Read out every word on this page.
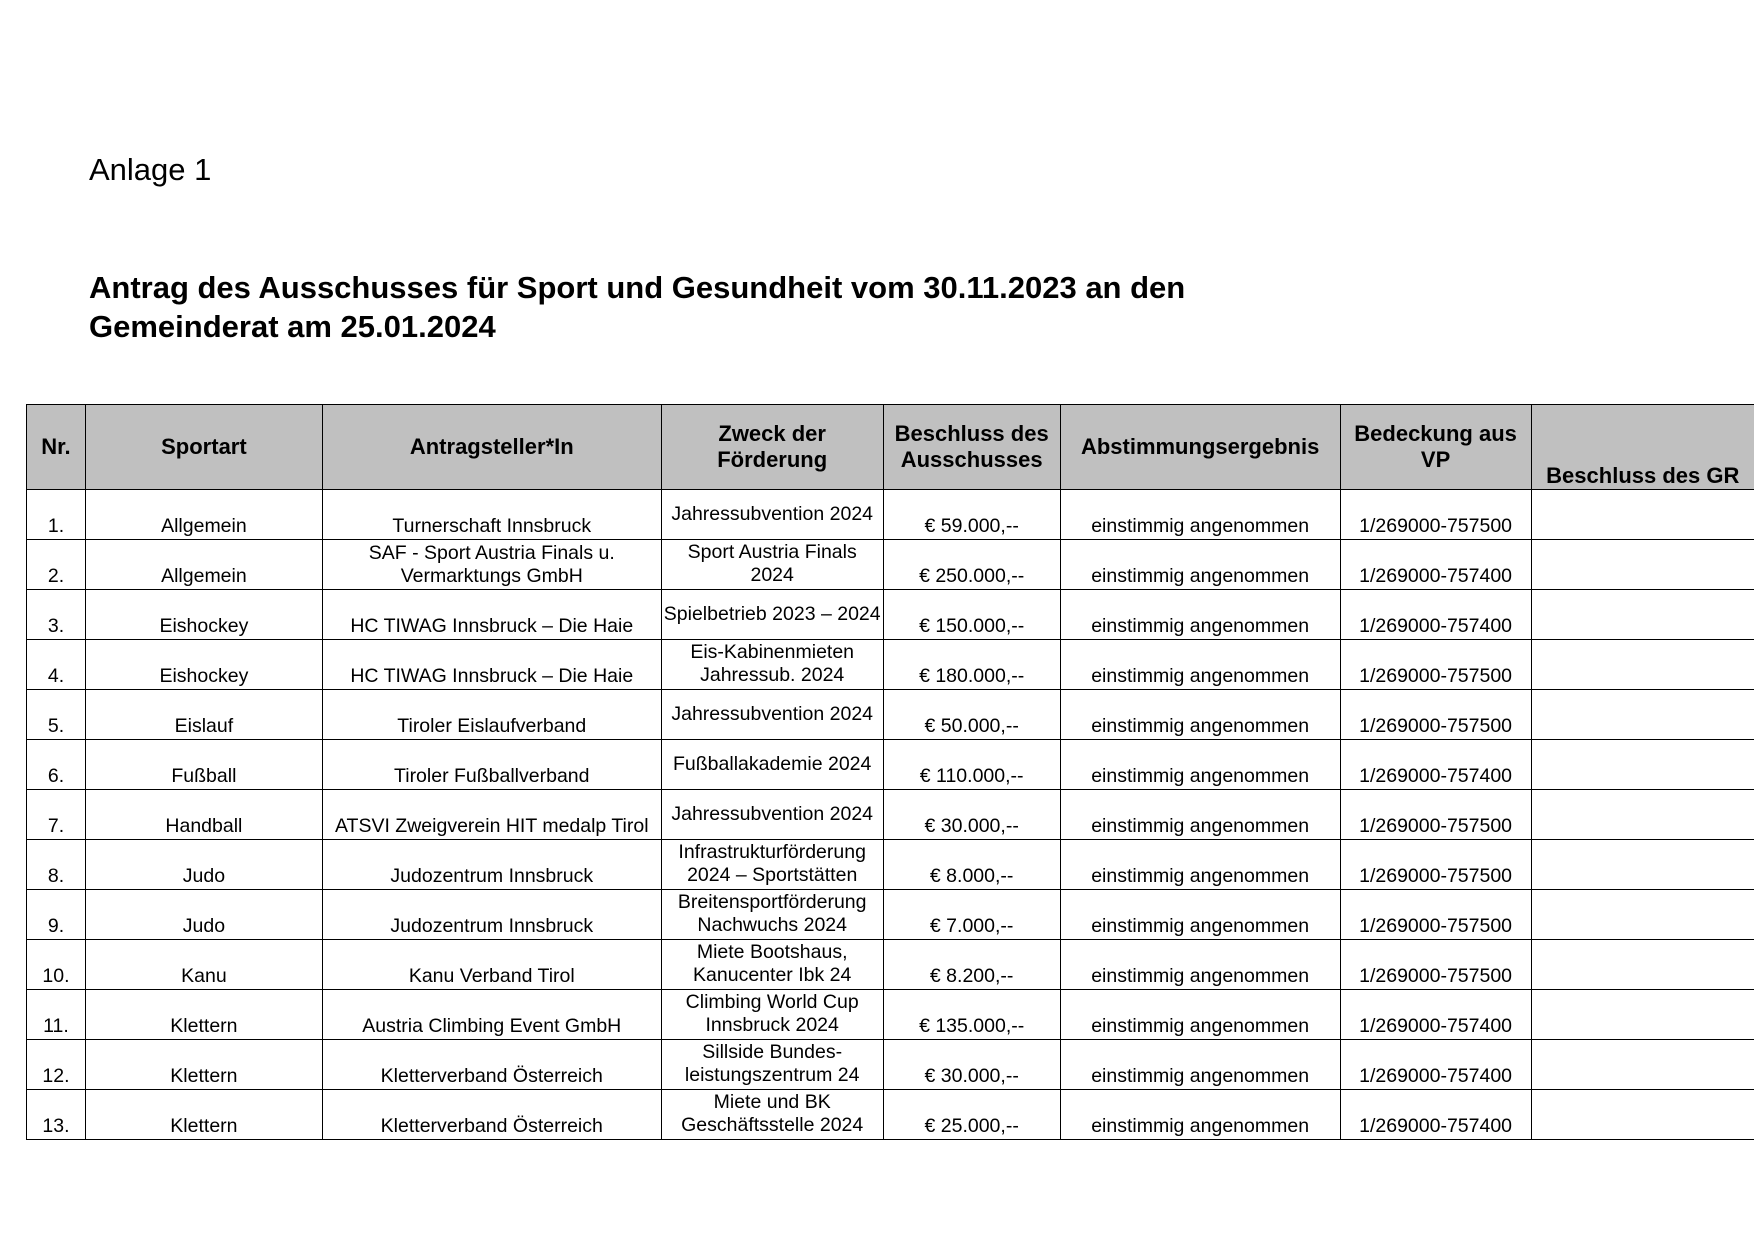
Anlage 1
Antrag des Ausschusses für Sport und Gesundheit vom 30.11.2023 an den
Gemeinderat am 25.01.2024
Nr.	Sportart	Antragsteller*In	Zweck der Förderung	Beschluss des Ausschusses	Abstimmungsergebnis	Bedeckung aus VP	Beschluss des GR
1.	Allgemein	Turnerschaft Innsbruck	Jahressubvention 2024	€ 59.000,--	einstimmig angenommen	1/269000-757500	
2.	Allgemein	SAF - Sport Austria Finals u. Vermarktungs GmbH	Sport Austria Finals 2024	€ 250.000,--	einstimmig angenommen	1/269000-757400	
3.	Eishockey	HC TIWAG Innsbruck – Die Haie	Spielbetrieb 2023 – 2024	€ 150.000,--	einstimmig angenommen	1/269000-757400	
4.	Eishockey	HC TIWAG Innsbruck – Die Haie	Eis-Kabinenmieten Jahressub. 2024	€ 180.000,--	einstimmig angenommen	1/269000-757500	
5.	Eislauf	Tiroler Eislaufverband	Jahressubvention 2024	€ 50.000,--	einstimmig angenommen	1/269000-757500	
6.	Fußball	Tiroler Fußballverband	Fußballakademie 2024	€ 110.000,--	einstimmig angenommen	1/269000-757400	
7.	Handball	ATSVI Zweigverein HIT medalp Tirol	Jahressubvention 2024	€ 30.000,--	einstimmig angenommen	1/269000-757500	
8.	Judo	Judozentrum Innsbruck	Infrastrukturförderung 2024 – Sportstätten	€ 8.000,--	einstimmig angenommen	1/269000-757500	
9.	Judo	Judozentrum Innsbruck	Breitensportförderung Nachwuchs 2024	€ 7.000,--	einstimmig angenommen	1/269000-757500	
10.	Kanu	Kanu Verband Tirol	Miete Bootshaus, Kanucenter Ibk 24	€ 8.200,--	einstimmig angenommen	1/269000-757500	
11.	Klettern	Austria Climbing Event GmbH	Climbing World Cup Innsbruck 2024	€ 135.000,--	einstimmig angenommen	1/269000-757400	
12.	Klettern	Kletterverband Österreich	Sillside Bundes-leistungszentrum 24	€ 30.000,--	einstimmig angenommen	1/269000-757400	
13.	Klettern	Kletterverband Österreich	Miete und BK Geschäftsstelle 2024	€ 25.000,--	einstimmig angenommen	1/269000-757400	
